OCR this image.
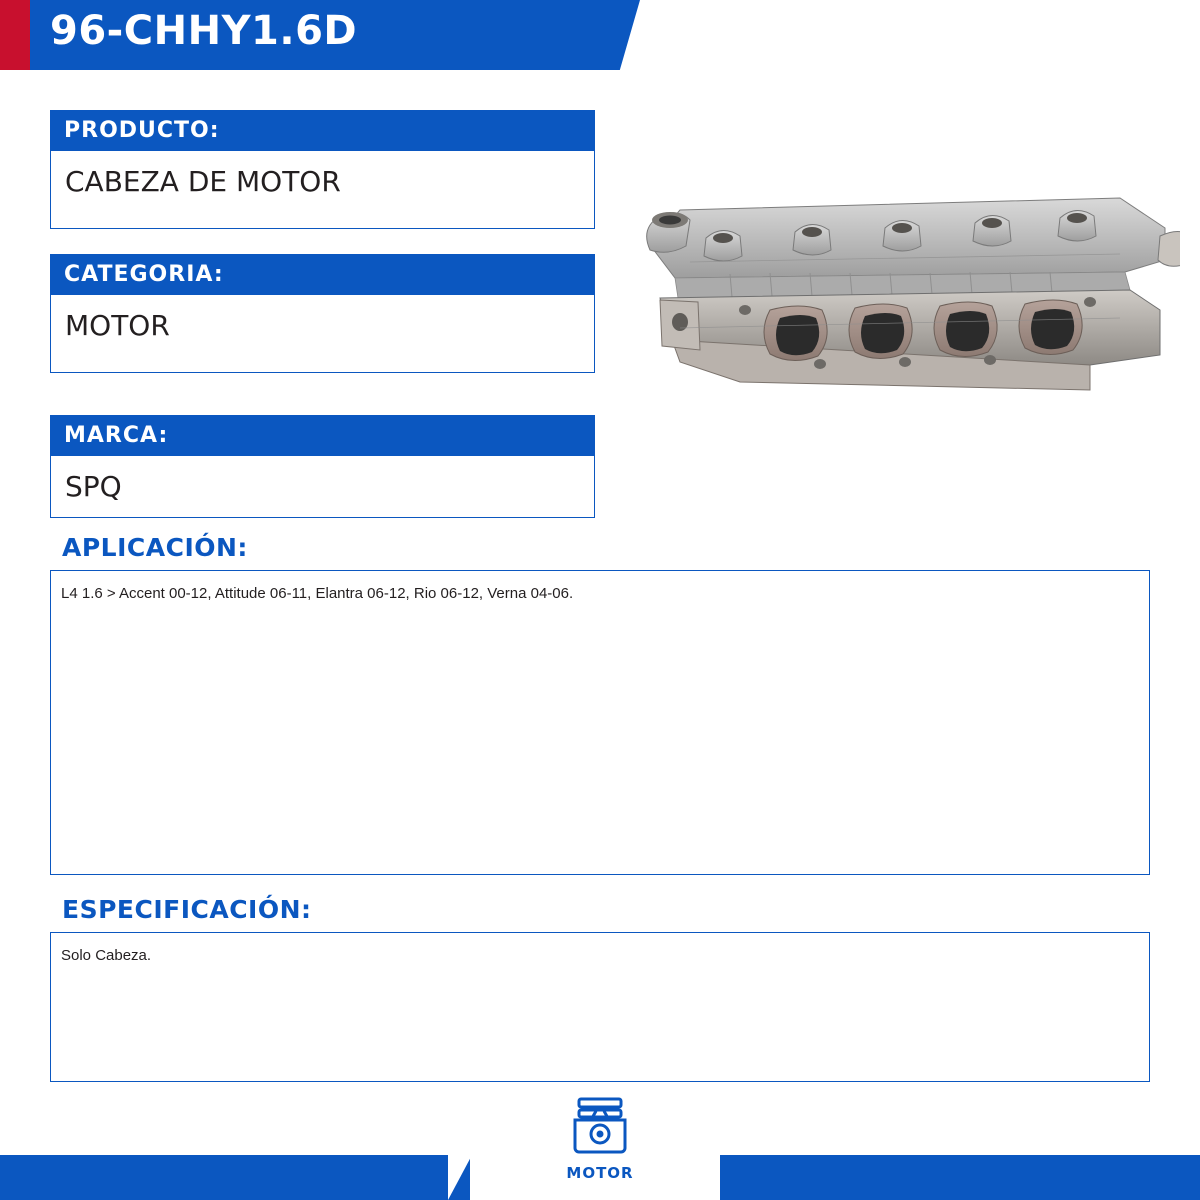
96-CHHY1.6D
PRODUCTO:
CABEZA DE MOTOR
CATEGORIA:
MOTOR
MARCA:
SPQ
APLICACIÓN:
L4 1.6 > Accent 00-12, Attitude 06-11, Elantra 06-12, Rio 06-12, Verna 04-06.
ESPECIFICACIÓN:
Solo Cabeza.
MOTOR
